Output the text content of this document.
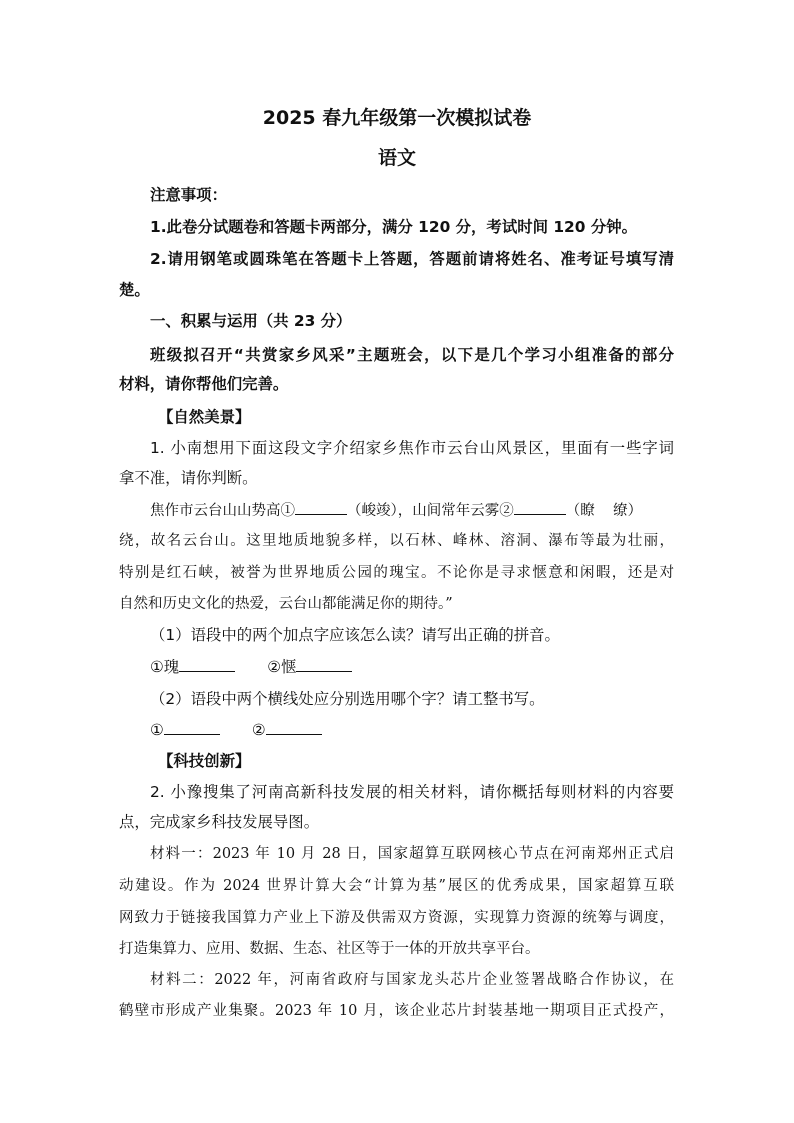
2025 春九年级第一次模拟试卷
语文
注意事项：
1.此卷分试题卷和答题卡两部分，满分 120 分，考试时间 120 分钟。
2.请用钢笔或圆珠笔在答题卡上答题，答题前请将姓名、准考证号填写清
楚。
一、积累与运用（共 23 分）
班级拟召开“共赏家乡风采”主题班会，以下是几个学习小组准备的部分
材料，请你帮他们完善。
【自然美景】
1. 小南想用下面这段文字介绍家乡焦作市云台山风景区，里面有一些字词
拿不准，请你判断。
焦作市云台山山势高①	（峻竣），山间常年云雾②	（瞭    缭）
绕，故名云台山。这里地质地貌多样，以石林、峰林、溶洞、瀑布等最为壮丽，
特别是红石峡，被誉为世界地质公园的瑰宝。不论你是寻求惬意和闲暇，还是对
自然和历史文化的热爱，云台山都能满足你的期待。”
（1）语段中的两个加点字应该怎么读？请写出正确的拼音。
①瑰	②惬
（2）语段中两个横线处应分别选用哪个字？请工整书写。
①	②
【科技创新】
2. 小豫搜集了河南高新科技发展的相关材料，请你概括每则材料的内容要
点，完成家乡科技发展导图。
材料一：2023 年 10 月 28 日，国家超算互联网核心节点在河南郑州正式启
动建设。作为 2024 世界计算大会“计算为基”展区的优秀成果，国家超算互联
网致力于链接我国算力产业上下游及供需双方资源，实现算力资源的统筹与调度，
打造集算力、应用、数据、生态、社区等于一体的开放共享平台。
材料二：2022 年，河南省政府与国家龙头芯片企业签署战略合作协议，在
鹤壁市形成产业集聚。2023 年 10 月，该企业芯片封装基地一期项目正式投产，
